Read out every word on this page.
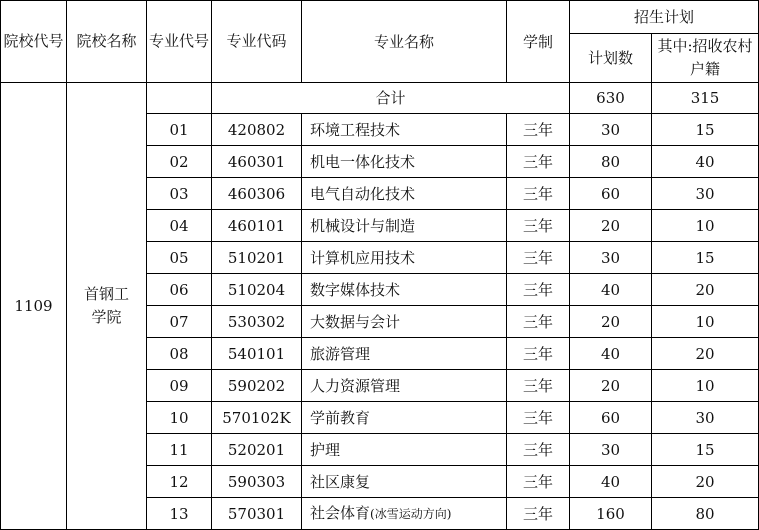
院校代号	院校名称	专业代号	专业代码	专业名称	学制	招生计划	
						计划数	其中:招收农村户籍
1109	首钢工学院		合计			630	315
		01	420802	环境工程技术	三年	30	15
		02	460301	机电一体化技术	三年	80	40
		03	460306	电气自动化技术	三年	60	30
		04	460101	机械设计与制造	三年	20	10
		05	510201	计算机应用技术	三年	30	15
		06	510204	数字媒体技术	三年	40	20
		07	530302	大数据与会计	三年	20	10
		08	540101	旅游管理	三年	40	20
		09	590202	人力资源管理	三年	20	10
		10	570102K	学前教育	三年	60	30
		11	520201	护理	三年	30	15
		12	590303	社区康复	三年	40	20
		13	570301	社会体育(冰雪运动方向)	三年	160	80
